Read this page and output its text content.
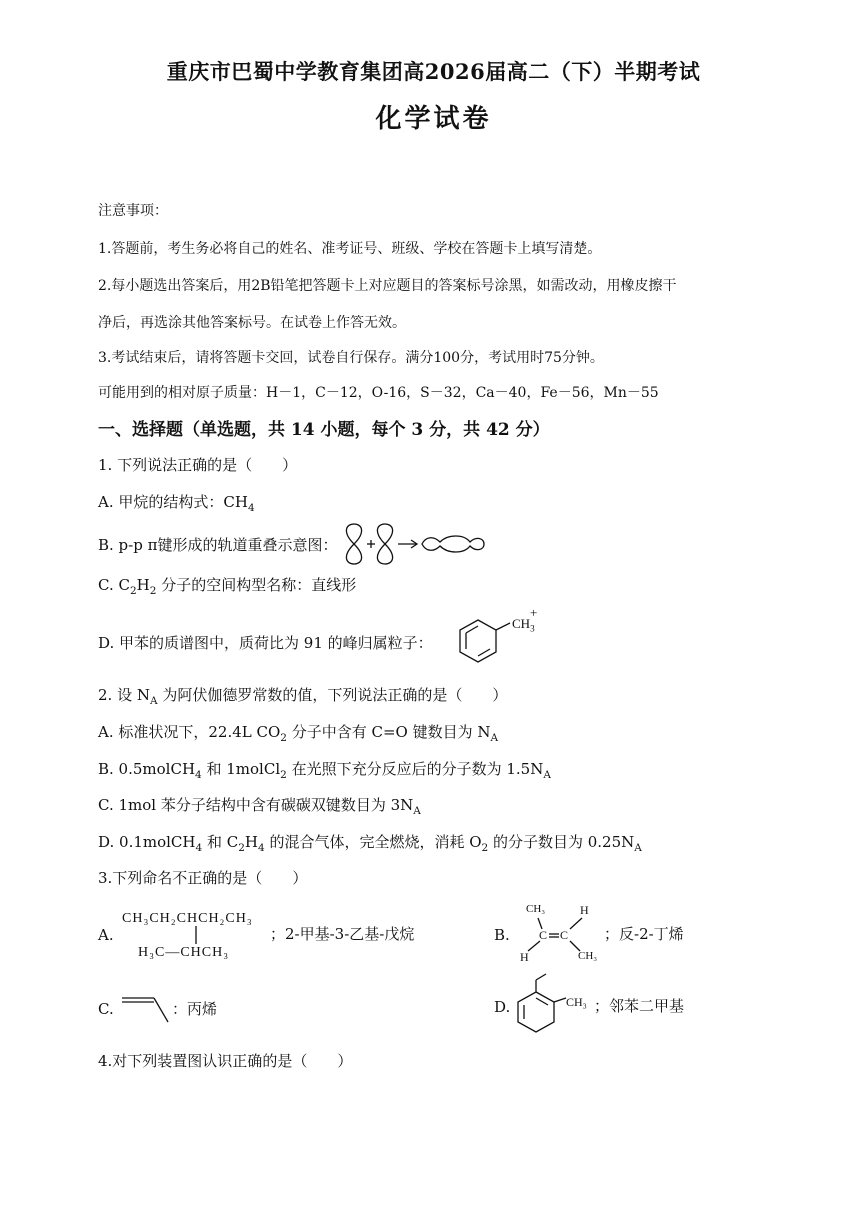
重庆市巴蜀中学教育集团高2026届高二（下）半期考试
化学试卷
注意事项：
1.答题前，考生务必将自己的姓名、准考证号、班级、学校在答题卡上填写清楚。
2.每小题选出答案后，用2B铅笔把答题卡上对应题目的答案标号涂黑，如需改动，用橡皮擦干
净后，再选涂其他答案标号。在试卷上作答无效。
3.考试结束后，请将答题卡交回，试卷自行保存。满分100分，考试用时75分钟。
可能用到的相对原子质量：H－1，C－12，O-16，S－32，Ca－40，Fe－56，Mn－55
一、选择题（单选题，共 14 小题，每个 3 分，共 42 分）
1. 下列说法正确的是（　　）
A. 甲烷的结构式：$CH_4$
B. p-p π键形成的轨道重叠示意图：
C. $C_2H_2$ 分子的空间构型名称：直线形
D. 甲苯的质谱图中，质荷比为 91 的峰归属粒子：
$CH_3$
+
2. 设 $N_A$ 为阿伏伽德罗常数的值，下列说法正确的是（　　）
A. 标准状况下，22.4L $CO_2$ 分子中含有 C=O 键数目为 $N_A$
B. 0.5molCH$_4$ 和 1molCl$_2$ 在光照下充分反应后的分子数为 $1.5N_A$
C. 1mol 苯分子结构中含有碳碳双键数目为 $3N_A$
D. 0.1molCH$_4$ 和 $C_2H_4$ 的混合气体，完全燃烧，消耗 $O_2$ 的分子数目为 $0.25N_A$
3.下列命名不正确的是（　　）
A.
CH₃CH₂CHCH₂CH₃
H₃C—CHCH₃
；2-甲基-3-乙基-戊烷	B.
CH₃	H
C C
H	CH₃
；反-2-丁烯
C.	：丙烯	D.	CH₃ ；邻苯二甲基
4.对下列装置图认识正确的是（　　）
